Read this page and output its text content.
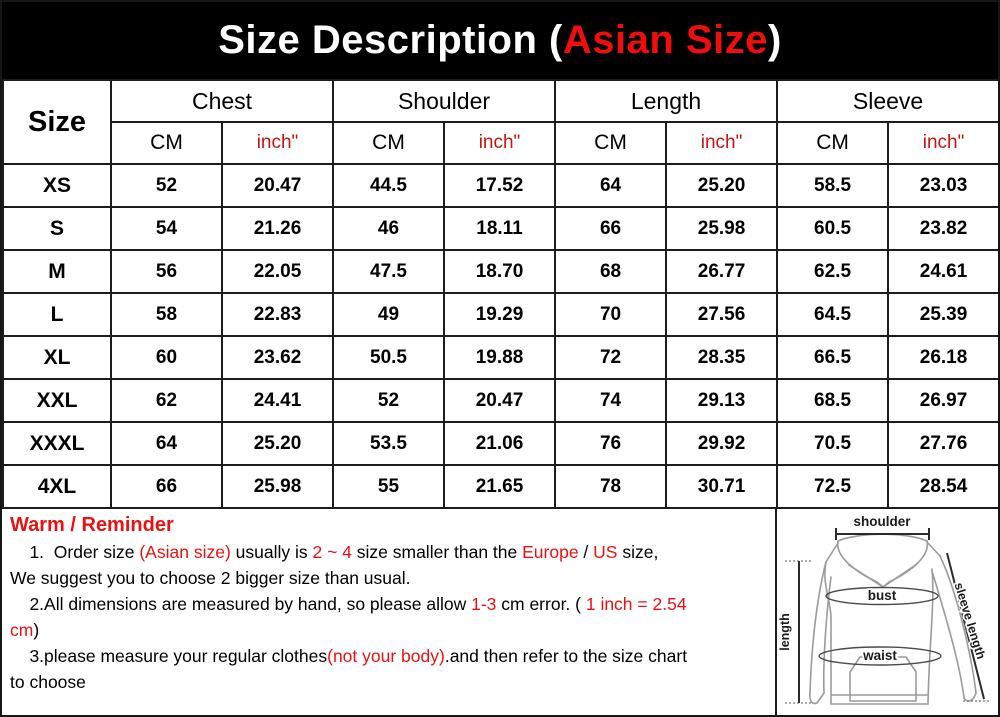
Size Description (Asian Size)
Size	Chest		Shoulder		Length		Sleeve	
	CM	inch"	CM	inch"	CM	inch"	CM	inch"
XS	52	20.47	44.5	17.52	64	25.20	58.5	23.03
S	54	21.26	46	18.11	66	25.98	60.5	23.82
M	56	22.05	47.5	18.70	68	26.77	62.5	24.61
L	58	22.83	49	19.29	70	27.56	64.5	25.39
XL	60	23.62	50.5	19.88	72	28.35	66.5	26.18
XXL	62	24.41	52	20.47	74	29.13	68.5	26.97
XXXL	64	25.20	53.5	21.06	76	29.92	70.5	27.76
4XL	66	25.98	55	21.65	78	30.71	72.5	28.54
Warm / Reminder
1.  Order size (Asian size) usually is 2 ~ 4 size smaller than the Europe / US size,
We suggest you to choose 2 bigger size than usual.
2.All dimensions are measured by hand, so please allow 1-3 cm error. ( 1 inch = 2.54
cm)
3.please measure your regular clothes(not your body).and then refer to the size chart
to choose
shoulder
bust
waist
length	sleeve length
